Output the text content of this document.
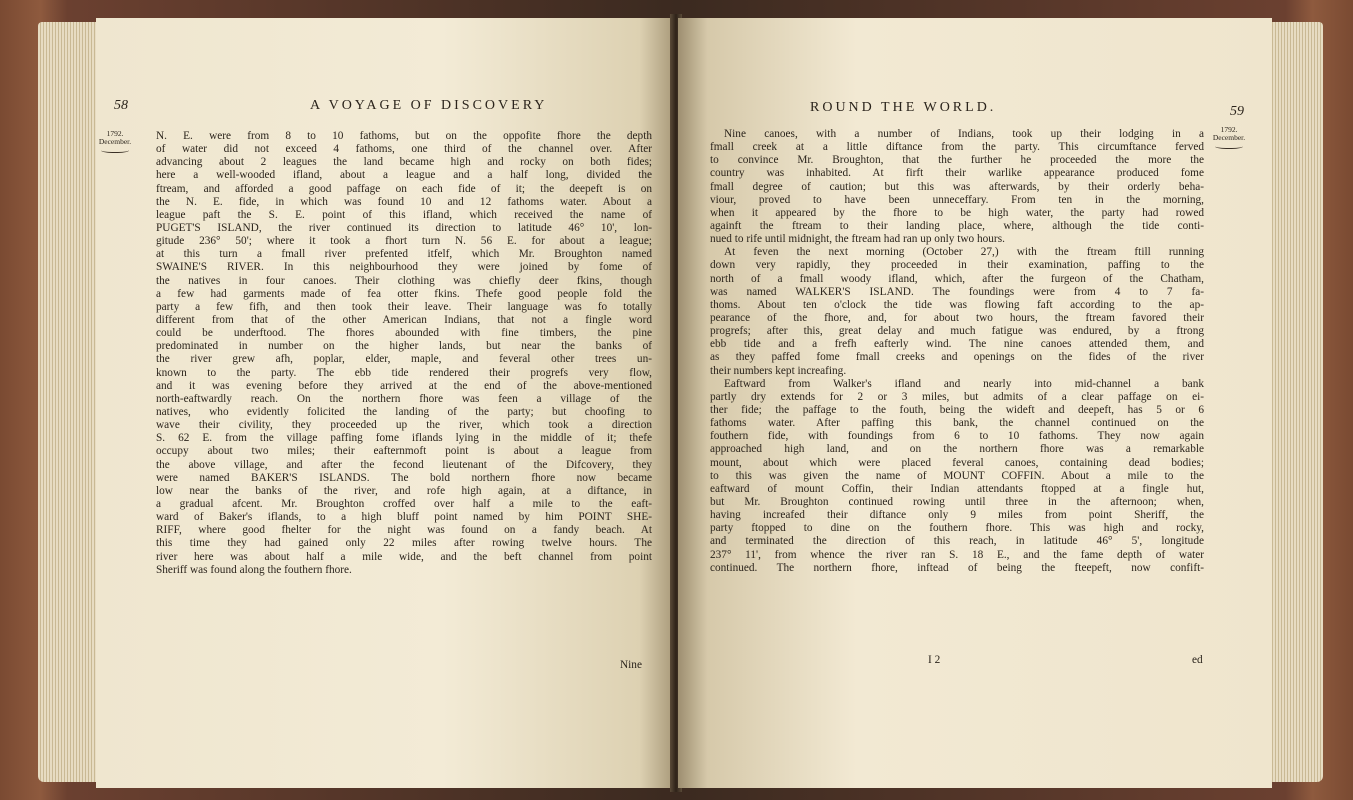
58	A VOYAGE OF DISCOVERY
1792.
December. N. E. were from 8 to 10 fathoms, but on the oppofite fhore the depth
of water did not exceed 4 fathoms, one third of the channel over. After
advancing about 2 leagues the land became high and rocky on both fides;
here a well-wooded ifland, about a league and a half long, divided the
ftream, and afforded a good paffage on each fide of it; the deepeft is on
the N. E. fide, in which was found 10 and 12 fathoms water. About a
league paft the S. E. point of this ifland, which received the name of
PUGET'S ISLAND, the river continued its direction to latitude 46° 10', lon-
gitude 236° 50'; where it took a fhort turn N. 56 E. for about a league;
at this turn a fmall river prefented itfelf, which Mr. Broughton named
SWAINE'S RIVER. In this neighbourhood they were joined by fome of
the natives in four canoes. Their clothing was chiefly deer fkins, though
a few had garments made of fea otter fkins. Thefe good people fold the
party a few fifh, and then took their leave. Their language was fo totally
different from that of the other American Indians, that not a fingle word
could be underftood. The fhores abounded with fine timbers, the pine
predominated in number on the higher lands, but near the banks of
the river grew afh, poplar, elder, maple, and feveral other trees un-
known to the party. The ebb tide rendered their progrefs very flow,
and it was evening before they arrived at the end of the above-mentioned
north-eaftwardly reach. On the northern fhore was feen a village of the
natives, who evidently folicited the landing of the party; but choofing to
wave their civility, they proceeded up the river, which took a direction
S. 62 E. from the village paffing fome iflands lying in the middle of it; thefe
occupy about two miles; their eafternmoft point is about a league from
the above village, and after the fecond lieutenant of the Difcovery, they
were named BAKER'S ISLANDS. The bold northern fhore now became
low near the banks of the river, and rofe high again, at a diftance, in
a gradual afcent. Mr. Broughton croffed over half a mile to the eaft-
ward of Baker's iflands, to a high bluff point named by him POINT SHE-
RIFF, where good fhelter for the night was found on a fandy beach. At
this time they had gained only 22 miles after rowing twelve hours. The
river here was about half a mile wide, and the beft channel from point
Sheriff was found along the fouthern fhore.
Nine
ROUND THE WORLD.	59
1792.
December.
Nine canoes, with a number of Indians, took up their lodging in a
fmall creek at a little diftance from the party. This circumftance ferved
to convince Mr. Broughton, that the further he proceeded the more the
country was inhabited. At firft their warlike appearance produced fome
fmall degree of caution; but this was afterwards, by their orderly beha-
viour, proved to have been unneceffary. From ten in the morning,
when it appeared by the fhore to be high water, the party had rowed
againft the ftream to their landing place, where, although the tide conti-
nued to rife until midnight, the ftream had ran up only two hours.
At feven the next morning (October 27,) with the ftream ftill running
down very rapidly, they proceeded in their examination, paffing to the
north of a fmall woody ifland, which, after the furgeon of the Chatham,
was named WALKER'S ISLAND. The foundings were from 4 to 7 fa-
thoms. About ten o'clock the tide was flowing faft according to the ap-
pearance of the fhore, and, for about two hours, the ftream favored their
progrefs; after this, great delay and much fatigue was endured, by a ftrong
ebb tide and a frefh eafterly wind. The nine canoes attended them, and
as they paffed fome fmall creeks and openings on the fides of the river
their numbers kept increafing.
Eaftward from Walker's ifland and nearly into mid-channel a bank
partly dry extends for 2 or 3 miles, but admits of a clear paffage on ei-
ther fide; the paffage to the fouth, being the wideft and deepeft, has 5 or 6
fathoms water. After paffing this bank, the channel continued on the
fouthern fide, with foundings from 6 to 10 fathoms. They now again
approached high land, and on the northern fhore was a remarkable
mount, about which were placed feveral canoes, containing dead bodies;
to this was given the name of MOUNT COFFIN. About a mile to the
eaftward of mount Coffin, their Indian attendants ftopped at a fingle hut,
but Mr. Broughton continued rowing until three in the afternoon; when,
having increafed their diftance only 9 miles from point Sheriff, the
party ftopped to dine on the fouthern fhore. This was high and rocky,
and terminated the direction of this reach, in latitude 46° 5', longitude
237° 11', from whence the river ran S. 18 E., and the fame depth of water
continued. The northern fhore, inftead of being the fteepeft, now confift-
I 2	ed
